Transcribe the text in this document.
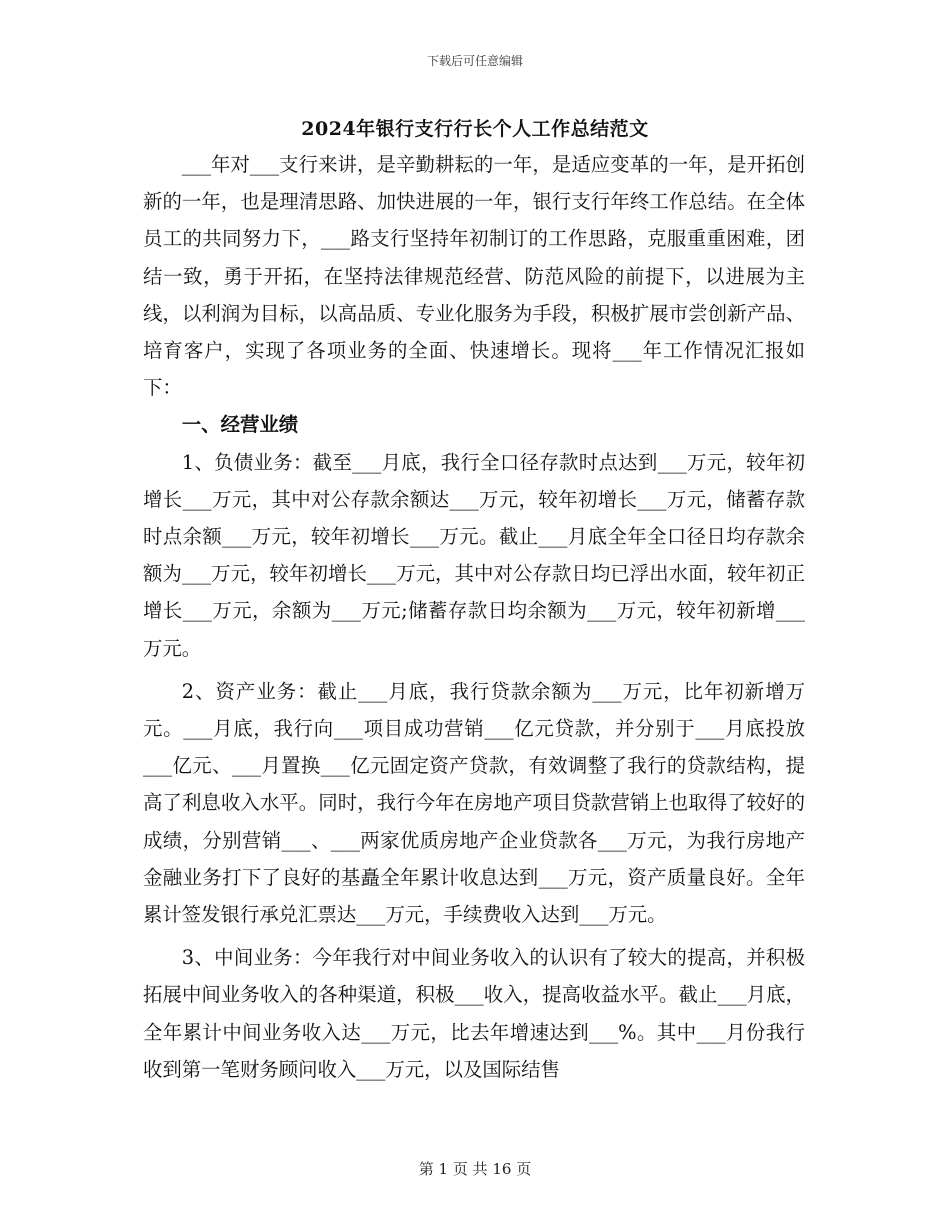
下载后可任意编辑
2024年银行支行行长个人工作总结范文

___年对___支行来讲，是辛勤耕耘的一年，是适应变革的一年，是开拓创新的一年，也是理清思路、加快进展的一年，银行支行年终工作总结。在全体员工的共同努力下，___路支行坚持年初制订的工作思路，克服重重困难，团结一致，勇于开拓，在坚持法律规范经营、防范风险的前提下，以进展为主线，以利润为目标，以高品质、专业化服务为手段，积极扩展市尝创新产品、培育客户，实现了各项业务的全面、快速增长。现将___年工作情况汇报如下：

一、经营业绩

1、负债业务：截至___月底，我行全口径存款时点达到___万元，较年初增长___万元，其中对公存款余额达___万元，较年初增长___万元，储蓄存款时点余额___万元，较年初增长___万元。截止___月底全年全口径日均存款余额为___万元，较年初增长___万元，其中对公存款日均已浮出水面，较年初正增长___万元，余额为___万元;储蓄存款日均余额为___万元，较年初新增___万元。

2、资产业务：截止___月底，我行贷款余额为___万元，比年初新增万元。___月底，我行向___项目成功营销___亿元贷款，并分别于___月底投放___亿元、___月置换___亿元固定资产贷款，有效调整了我行的贷款结构，提高了利息收入水平。同时，我行今年在房地产项目贷款营销上也取得了较好的成绩，分别营销___、___两家优质房地产企业贷款各___万元，为我行房地产金融业务打下了良好的基矗全年累计收息达到___万元，资产质量良好。全年累计签发银行承兑汇票达___万元，手续费收入达到___万元。

3、中间业务：今年我行对中间业务收入的认识有了较大的提高，并积极拓展中间业务收入的各种渠道，积极___收入，提高收益水平。截止___月底，全年累计中间业务收入达___万元，比去年增速达到___%。其中___月份我行收到第一笔财务顾问收入___万元，以及国际结售

第 1 页 共 16 页
